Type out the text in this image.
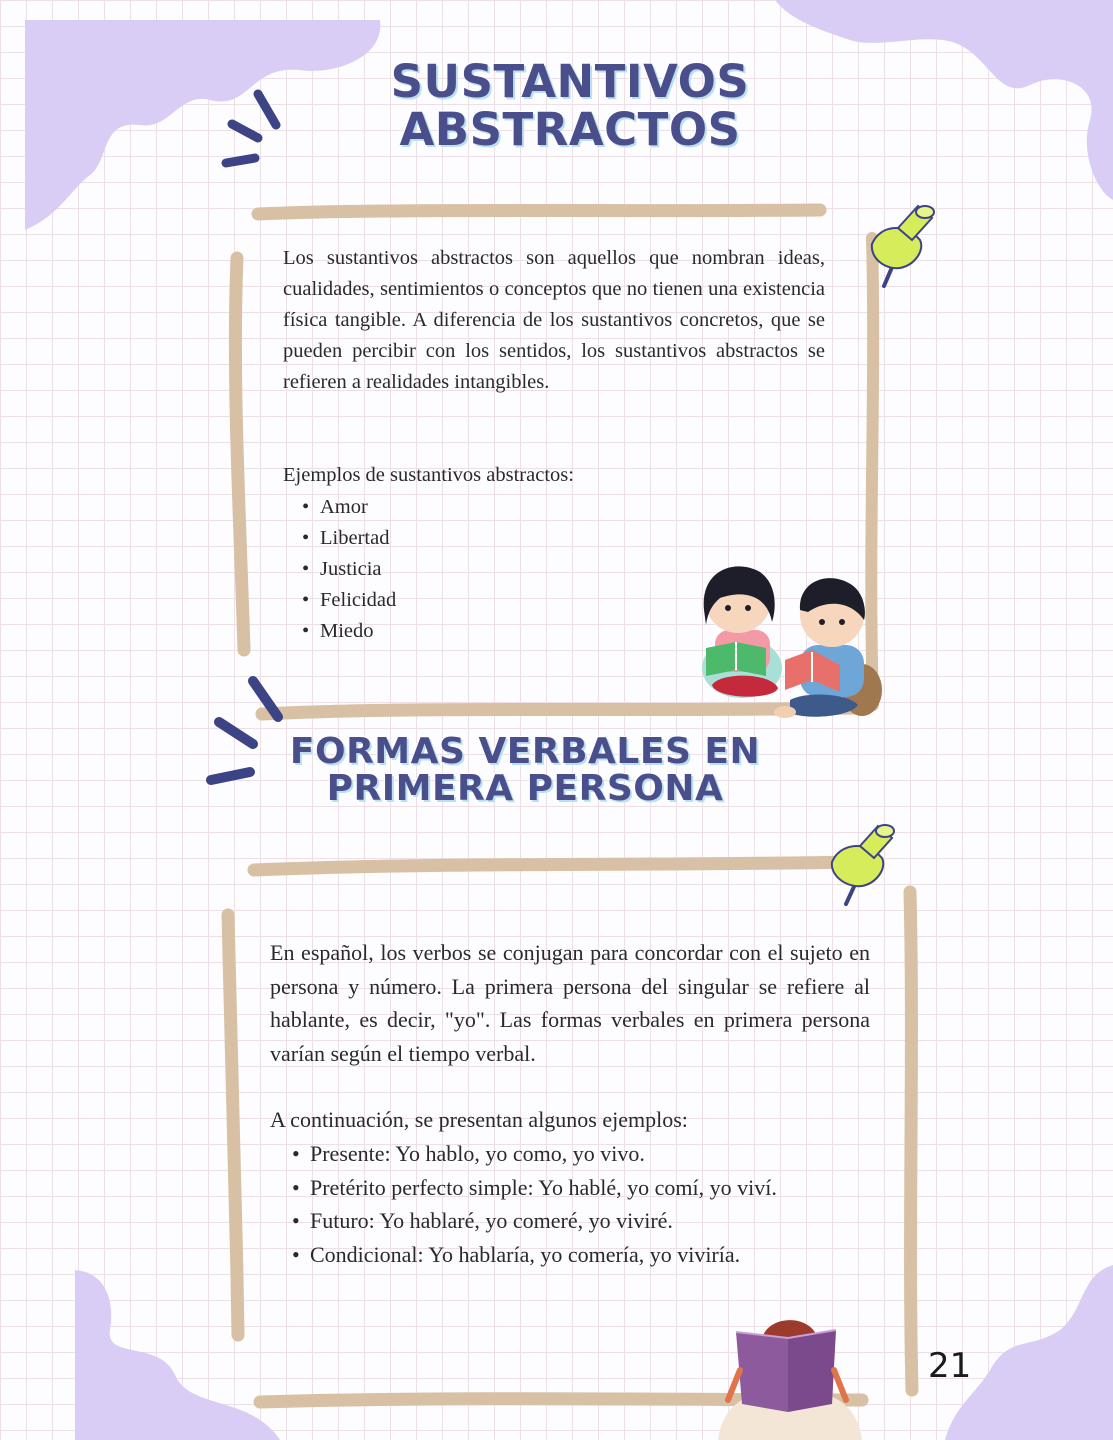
SUSTANTIVOS
ABSTRACTOS

Los sustantivos abstractos son aquellos que nombran ideas, cualidades, sentimientos o conceptos que no tienen una existencia física tangible. A diferencia de los sustantivos concretos, que se pueden percibir con los sentidos, los sustantivos abstractos se refieren a realidades intangibles.

Ejemplos de sustantivos abstractos:

• Amor
• Libertad
• Justicia
• Felicidad
• Miedo
FORMAS VERBALES EN
PRIMERA PERSONA

En español, los verbos se conjugan para concordar con el sujeto en persona y número. La primera persona del singular se refiere al hablante, es decir, "yo". Las formas verbales en primera persona varían según el tiempo verbal.

A continuación, se presentan algunos ejemplos:

• Presente: Yo hablo, yo como, yo vivo.
• Pretérito perfecto simple: Yo hablé, yo comí, yo viví.
• Futuro: Yo hablaré, yo comeré, yo viviré.
• Condicional: Yo hablaría, yo comería, yo viviría.

21
